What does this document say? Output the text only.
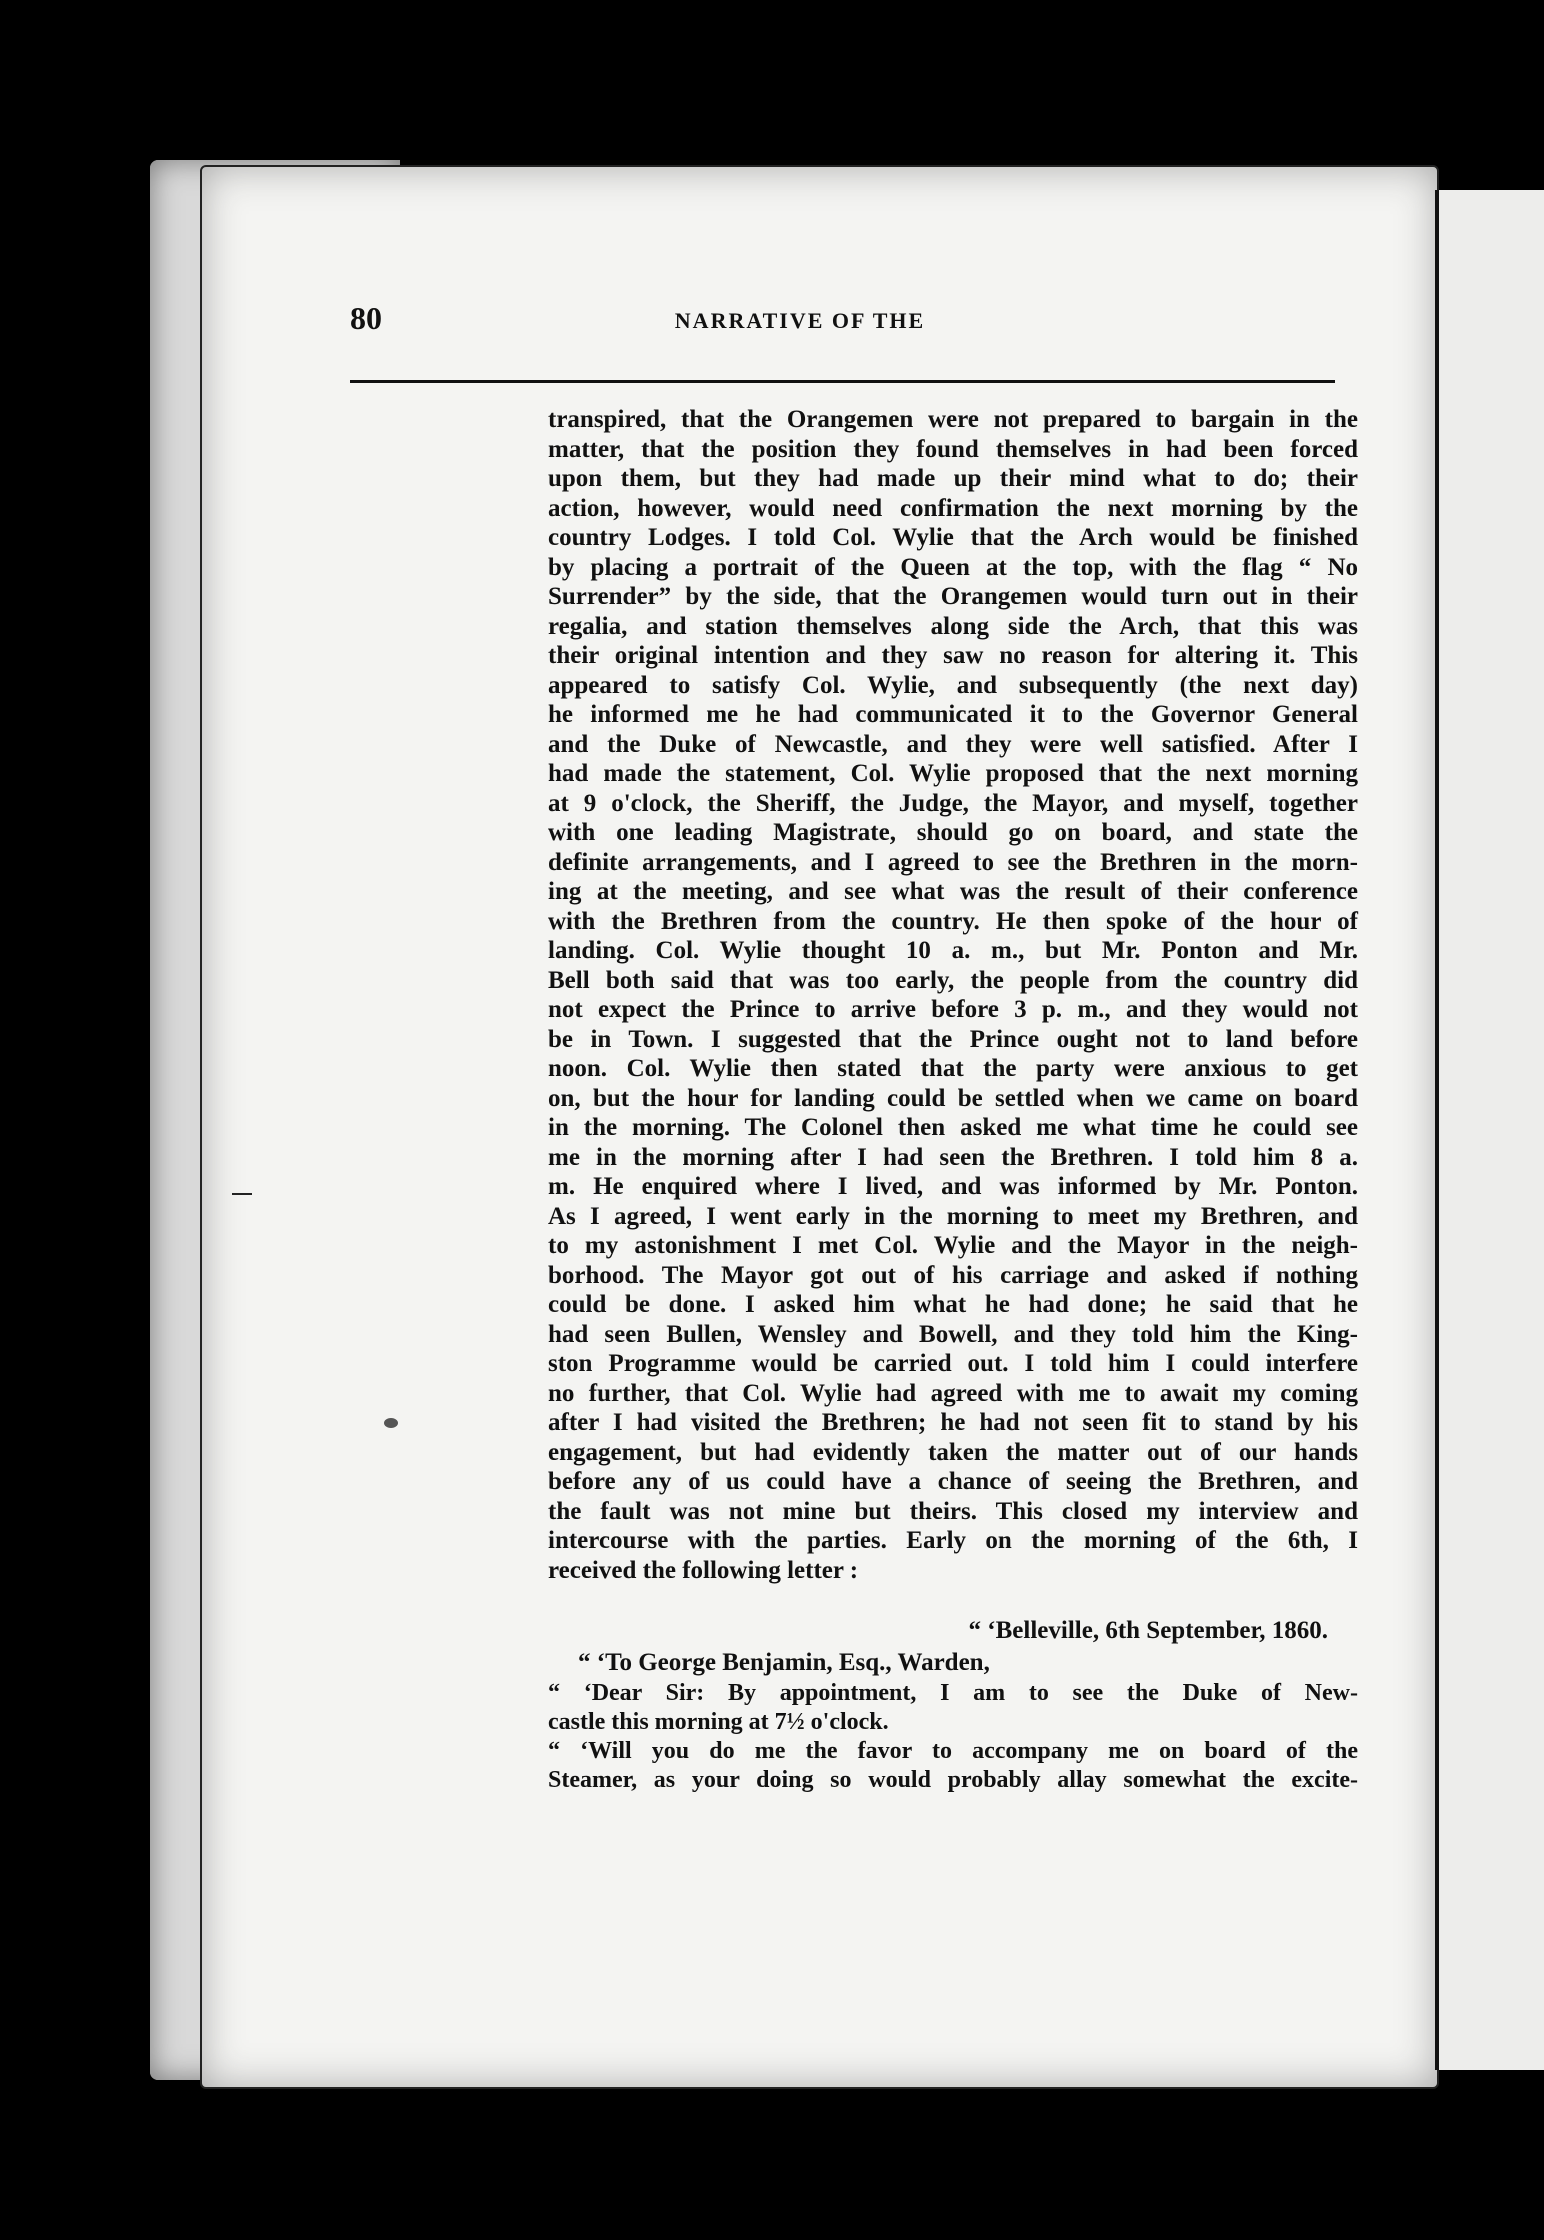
80	NARRATIVE OF THE
transpired, that the Orangemen were not prepared to bargain in the
matter, that the position they found themselves in had been forced
upon them, but they had made up their mind what to do; their
action, however, would need confirmation the next morning by the
country Lodges. I told Col. Wylie that the Arch would be finished
by placing a portrait of the Queen at the top, with the flag “ No
Surrender” by the side, that the Orangemen would turn out in their
regalia, and station themselves along side the Arch, that this was
their original intention and they saw no reason for altering it. This
appeared to satisfy Col. Wylie, and subsequently (the next day)
he informed me he had communicated it to the Governor General
and the Duke of Newcastle, and they were well satisfied. After I
had made the statement, Col. Wylie proposed that the next morning
at 9 o'clock, the Sheriff, the Judge, the Mayor, and myself, together
with one leading Magistrate, should go on board, and state the
definite arrangements, and I agreed to see the Brethren in the morn-
ing at the meeting, and see what was the result of their conference
with the Brethren from the country. He then spoke of the hour of
landing. Col. Wylie thought 10 a. m., but Mr. Ponton and Mr.
Bell both said that was too early, the people from the country did
not expect the Prince to arrive before 3 p. m., and they would not
be in Town. I suggested that the Prince ought not to land before
noon. Col. Wylie then stated that the party were anxious to get
on, but the hour for landing could be settled when we came on board
in the morning. The Colonel then asked me what time he could see
me in the morning after I had seen the Brethren. I told him 8 a.
m. He enquired where I lived, and was informed by Mr. Ponton.
As I agreed, I went early in the morning to meet my Brethren, and
to my astonishment I met Col. Wylie and the Mayor in the neigh-
borhood. The Mayor got out of his carriage and asked if nothing
could be done. I asked him what he had done; he said that he
had seen Bullen, Wensley and Bowell, and they told him the King-
ston Programme would be carried out. I told him I could interfere
no further, that Col. Wylie had agreed with me to await my coming
after I had visited the Brethren; he had not seen fit to stand by his
engagement, but had evidently taken the matter out of our hands
before any of us could have a chance of seeing the Brethren, and
the fault was not mine but theirs. This closed my interview and
intercourse with the parties. Early on the morning of the 6th, I
received the following letter :
“ ‘Belleville, 6th September, 1860.
“ ‘To George Benjamin, Esq., Warden,
“ ‘Dear Sir: By appointment, I am to see the Duke of New-
castle this morning at 7½ o'clock.
“ ‘Will you do me the favor to accompany me on board of the
Steamer, as your doing so would probably allay somewhat the excite-
